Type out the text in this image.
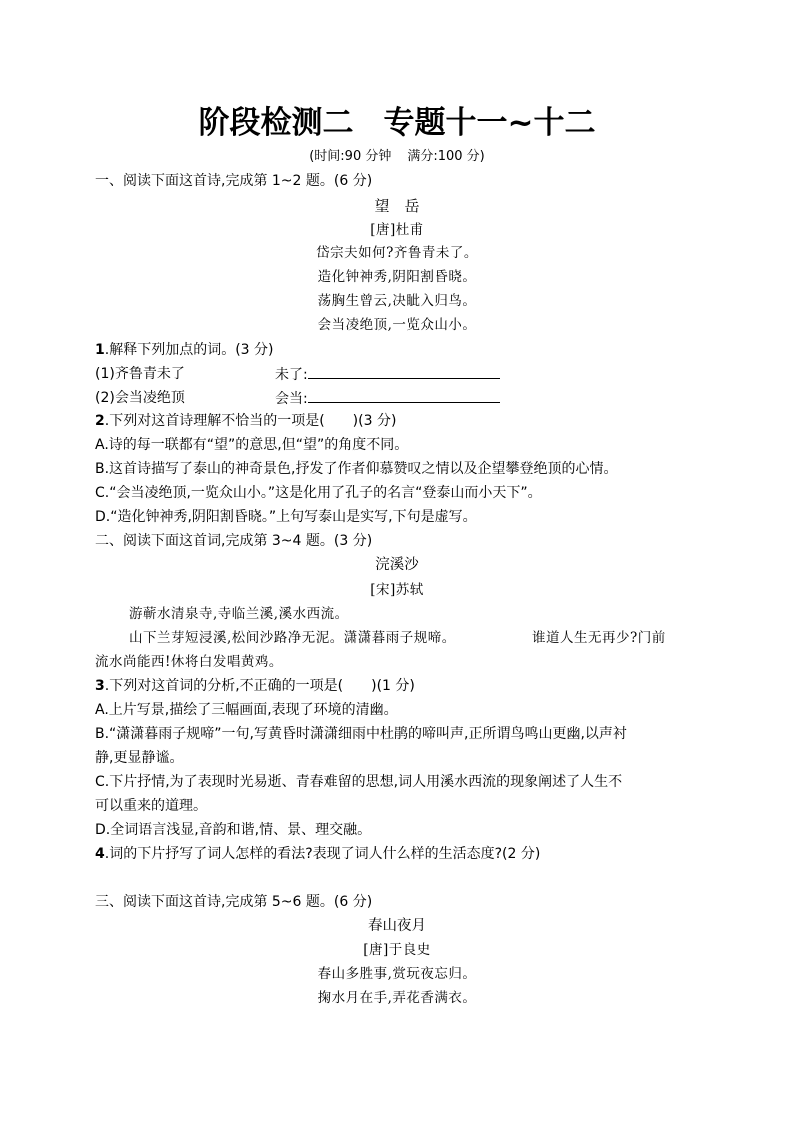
阶段检测二 专题十一~十二
(时间:90 分钟 满分:100 分)
一、阅读下面这首诗,完成第 1~2 题。(6 分)
望　岳
[唐]杜甫
岱宗夫如何?齐鲁青未了。
造化钟神秀,阴阳割昏晓。
荡胸生曾云,决眦入归鸟。
会当凌绝顶,一览众山小。
1.解释下列加点的词。(3 分)
(1)齐鲁青未了	未了:
(2)会当凌绝顶	会当:
2.下列对这首诗理解不恰当的一项是( )(3 分)
A.诗的每一联都有“望”的意思,但“望”的角度不同。
B.这首诗描写了泰山的神奇景色,抒发了作者仰慕赞叹之情以及企望攀登绝顶的心情。
C.“会当凌绝顶,一览众山小。”这是化用了孔子的名言“登泰山而小天下”。
D.“造化钟神秀,阴阳割昏晓。”上句写泰山是实写,下句是虚写。
二、阅读下面这首词,完成第 3~4 题。(3 分)
浣溪沙
[宋]苏轼
游蕲水清泉寺,寺临兰溪,溪水西流。
山下兰芽短浸溪,松间沙路净无泥。潇潇暮雨子规啼。	谁道人生无再少?门前
流水尚能西!休将白发唱黄鸡。
3.下列对这首词的分析,不正确的一项是( )(1 分)
A.上片写景,描绘了三幅画面,表现了环境的清幽。
B.“潇潇暮雨子规啼”一句,写黄昏时潇潇细雨中杜鹃的啼叫声,正所谓鸟鸣山更幽,以声衬
静,更显静谧。
C.下片抒情,为了表现时光易逝、青春难留的思想,词人用溪水西流的现象阐述了人生不
可以重来的道理。
D.全词语言浅显,音韵和谐,情、景、理交融。
4.词的下片抒写了词人怎样的看法?表现了词人什么样的生活态度?(2 分)
三、阅读下面这首诗,完成第 5~6 题。(6 分)
春山夜月
[唐]于良史
春山多胜事,赏玩夜忘归。
掬水月在手,弄花香满衣。
